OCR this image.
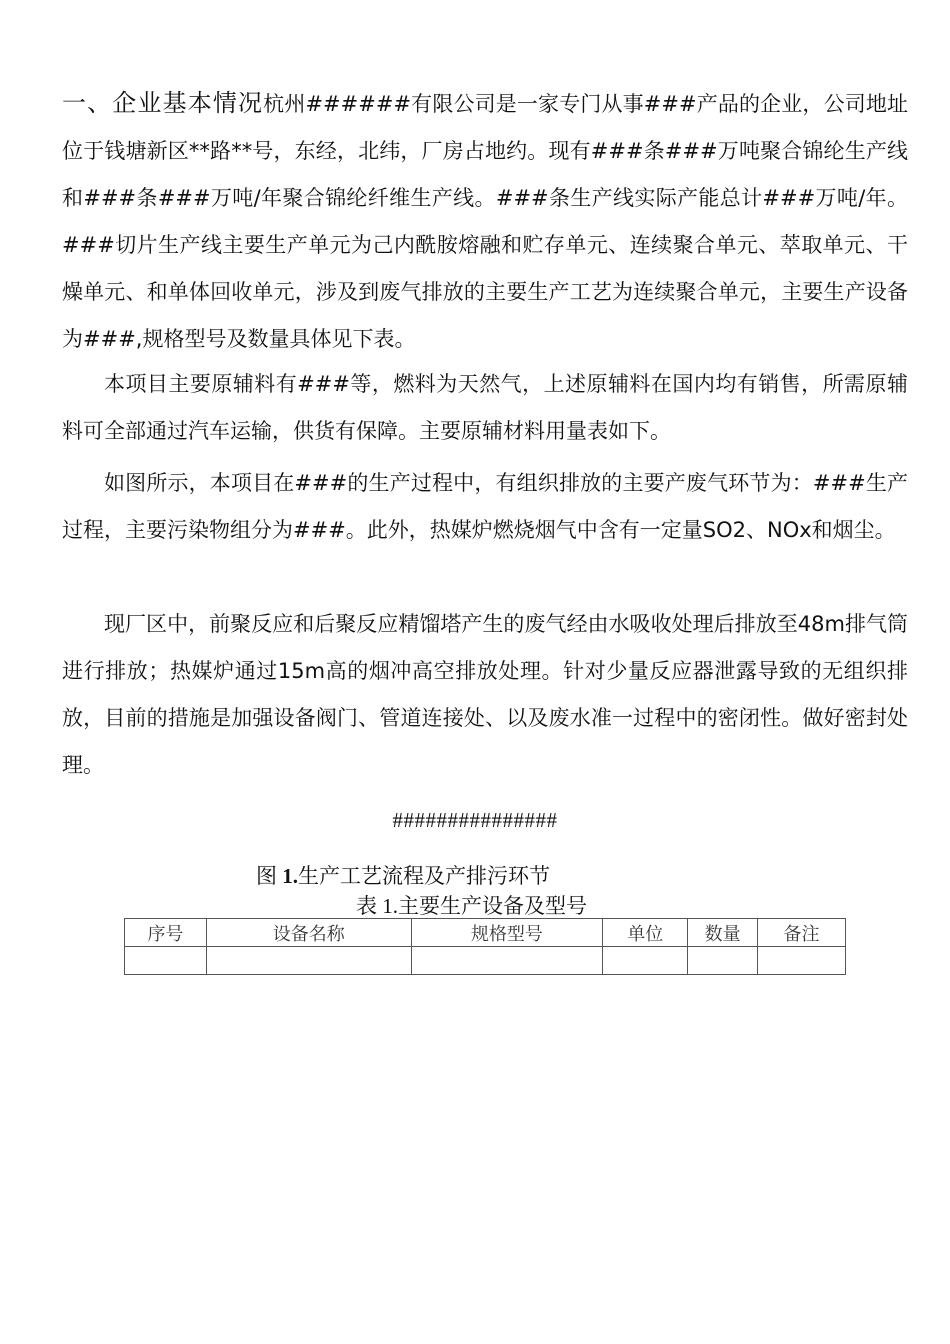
一、企业基本情况杭州######有限公司是一家专门从事###产品的企业，公司地址位于钱塘新区**路**号，东经，北纬，厂房占地约。现有###条###万吨聚合锦纶生产线和###条###万吨/年聚合锦纶纤维生产线。###条生产线实际产能总计###万吨/年。###切片生产线主要生产单元为己内酰胺熔融和贮存单元、连续聚合单元、萃取单元、干燥单元、和单体回收单元，涉及到废气排放的主要生产工艺为连续聚合单元，主要生产设备为###,规格型号及数量具体见下表。

本项目主要原辅料有###等，燃料为天然气，上述原辅料在国内均有销售，所需原辅料可全部通过汽车运输，供货有保障。主要原辅材料用量表如下。

如图所示，本项目在###的生产过程中，有组织排放的主要产废气环节为：###生产过程，主要污染物组分为###。此外，热媒炉燃烧烟气中含有一定量SO2、NOx和烟尘。

现厂区中，前聚反应和后聚反应精馏塔产生的废气经由水吸收处理后排放至48m排气筒进行排放；热媒炉通过15m高的烟冲高空排放处理。针对少量反应器泄露导致的无组织排放，目前的措施是加强设备阀门、管道连接处、以及废水准一过程中的密闭性。做好密封处理。

###############
图 1.生产工艺流程及产排污环节
表 1.主要生产设备及型号
序号	设备名称	规格型号	单位	数量	备注
